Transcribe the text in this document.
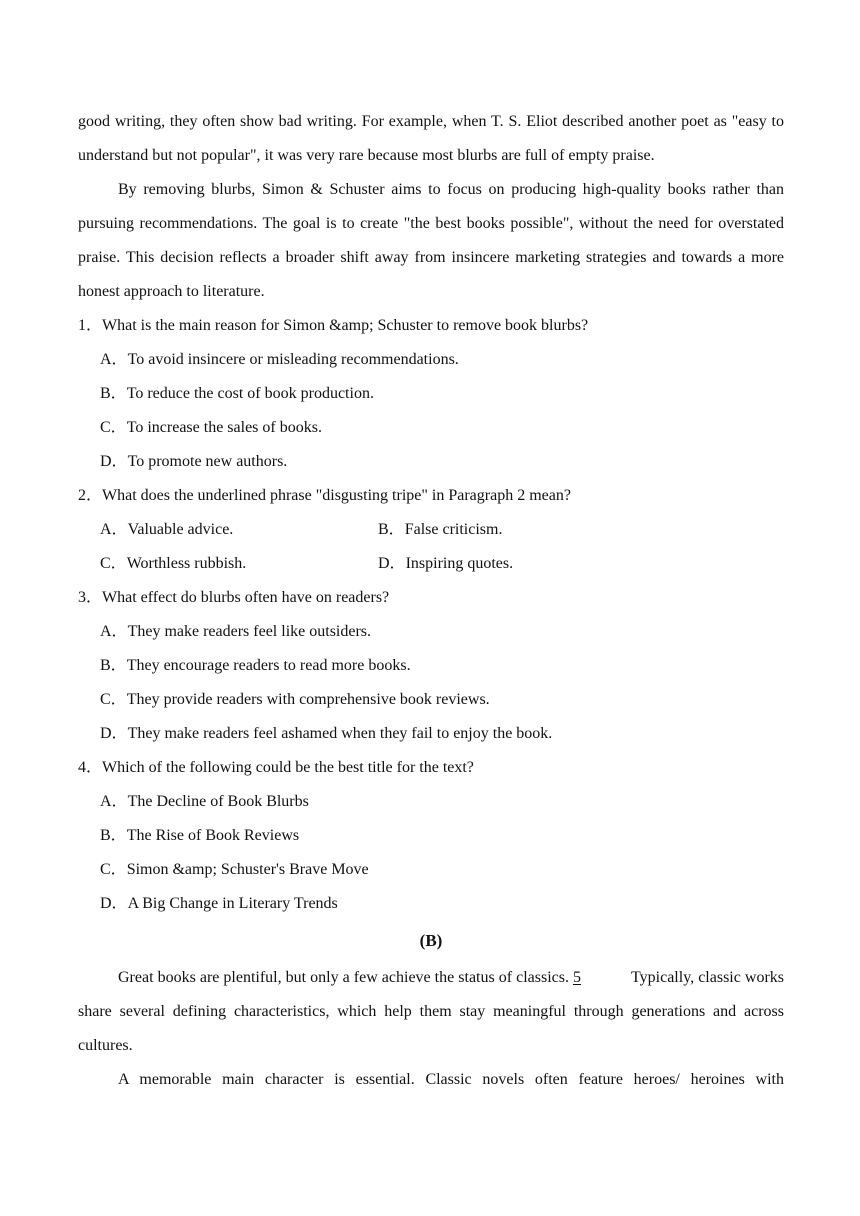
good writing, they often show bad writing. For example, when T. S. Eliot described another poet as "easy to understand but not popular", it was very rare because most blurbs are full of empty praise.

By removing blurbs, Simon & Schuster aims to focus on producing high-quality books rather than pursuing recommendations. The goal is to create "the best books possible", without the need for overstated praise. This decision reflects a broader shift away from insincere marketing strategies and towards a more honest approach to literature.

1．What is the main reason for Simon &amp; Schuster to remove book blurbs?

A．To avoid insincere or misleading recommendations.

B．To reduce the cost of book production.

C．To increase the sales of books.

D．To promote new authors.

2．What does the underlined phrase "disgusting tripe" in Paragraph 2 mean?

A．Valuable advice.	B．False criticism.
C．Worthless rubbish.	D．Inspiring quotes.

3．What effect do blurbs often have on readers?

A．They make readers feel like outsiders.

B．They encourage readers to read more books.

C．They provide readers with comprehensive book reviews.

D．They make readers feel ashamed when they fail to enjoy the book.

4．Which of the following could be the best title for the text?

A．The Decline of Book Blurbs

B．The Rise of Book Reviews

C．Simon &amp; Schuster's Brave Move

D．A Big Change in Literary Trends

(B)

Great books are plentiful, but only a few achieve the status of classics. 5	Typically, classic works share several defining characteristics, which help them stay meaningful through generations and across cultures.

A memorable main character is essential. Classic novels often feature heroes/ heroines with
